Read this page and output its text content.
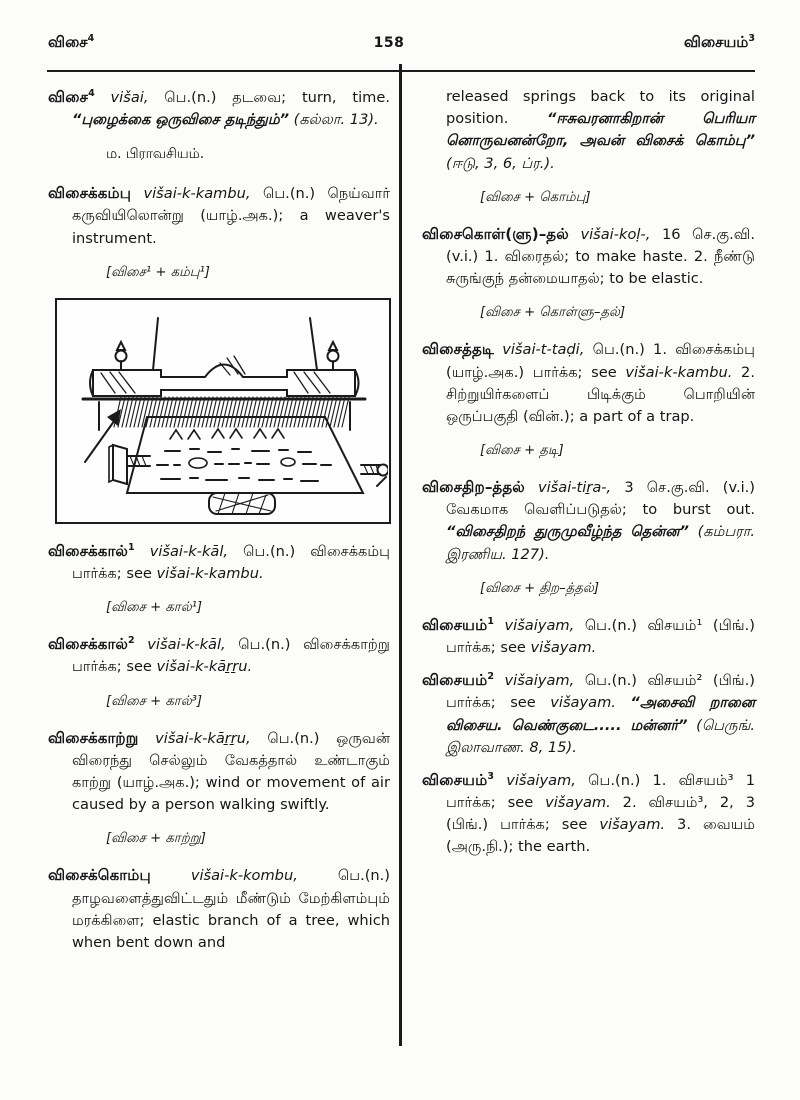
விசை$^4$	158	விசையம்$^3$

விசை$^4$ višai, பெ.(n.) தடவை; turn, time. “புழைக்கை ஒருவிசை தடிந்தும்” (கல்லா. 13).

ம. பிராவசியம்.

விசைக்கம்பு višai-k-kambu, பெ.(n.) நெய்வார் கருவியிலொன்று (யாழ்.அக.); a weaver's instrument.

[விசை¹ + கம்பு¹]

விசைக்கால்$^1$ višai-k-kāl, பெ.(n.) விசைக்கம்பு பார்க்க; see višai-k-kambu.

[விசை + கால்¹]

விசைக்கால்$^2$ višai-k-kāl, பெ.(n.) விசைக்காற்று பார்க்க; see višai-k-kāṟṟu.

[விசை + கால்³]

விசைக்காற்று višai-k-kāṟṟu, பெ.(n.) ஒருவன் விரைந்து செல்லும் வேகத்தால் உண்டாகும் காற்று (யாழ்.அக.); wind or movement of air caused by a person walking swiftly.

[விசை + காற்று]

விசைக்கொம்பு	višai-k-kombu, பெ.(n.) தாழவளைத்துவிட்டதும் மீண்டும் மேற்கிளம்பும் மரக்கிளை; elastic branch of a tree, which when bent down and

released springs back to its original position. “ஈசுவரனாகிறான் பெரியா னொருவனன்றோ, அவன் விசைக் கொம்பு” (ஈடு, 3, 6, ப்ர.).

[விசை + கொம்பு]

விசைகொள்(ளு)–தல் višai-koḷ-, 16 செ.கு.வி. (v.i.) 1. விரைதல்; to make haste. 2. நீண்டு சுருங்குந் தன்மையாதல்; to be elastic.

[விசை + கொள்ளு–தல்]

விசைத்தடி višai-t-taḍi, பெ.(n.) 1. விசைக்கம்பு (யாழ்.அக.) பார்க்க; see višai-k-kambu. 2. சிற்றுயிர்களைப் பிடிக்கும் பொறியின் ஒருப்பகுதி (வின்.); a part of a trap.

[விசை + தடி]

விசைதிற–த்தல் višai-tiṟa-, 3 செ.கு.வி. (v.i.) வேகமாக வெளிப்படுதல்; to burst out. “விசைதிறந் துருமுவீழ்ந்த தென்ன” (கம்பரா. இரணிய. 127).

[விசை + திற–த்தல்]

விசையம்$^1$ višaiyam, பெ.(n.) விசயம்¹ (பிங்.) பார்க்க; see višayam.

விசையம்$^2$ višaiyam, பெ.(n.) விசயம்² (பிங்.) பார்க்க; see višayam. “அசைவி றானை விசைய. வெண்குடை..... மன்னர்” (பெருங். இலாவாண. 8, 15).

விசையம்$^3$ višaiyam, பெ.(n.) 1. விசயம்³ 1 பார்க்க; see višayam. 2. விசயம்³, 2, 3 (பிங்.) பார்க்க; see višayam. 3. வையம் (அரு.நி.); the earth.
